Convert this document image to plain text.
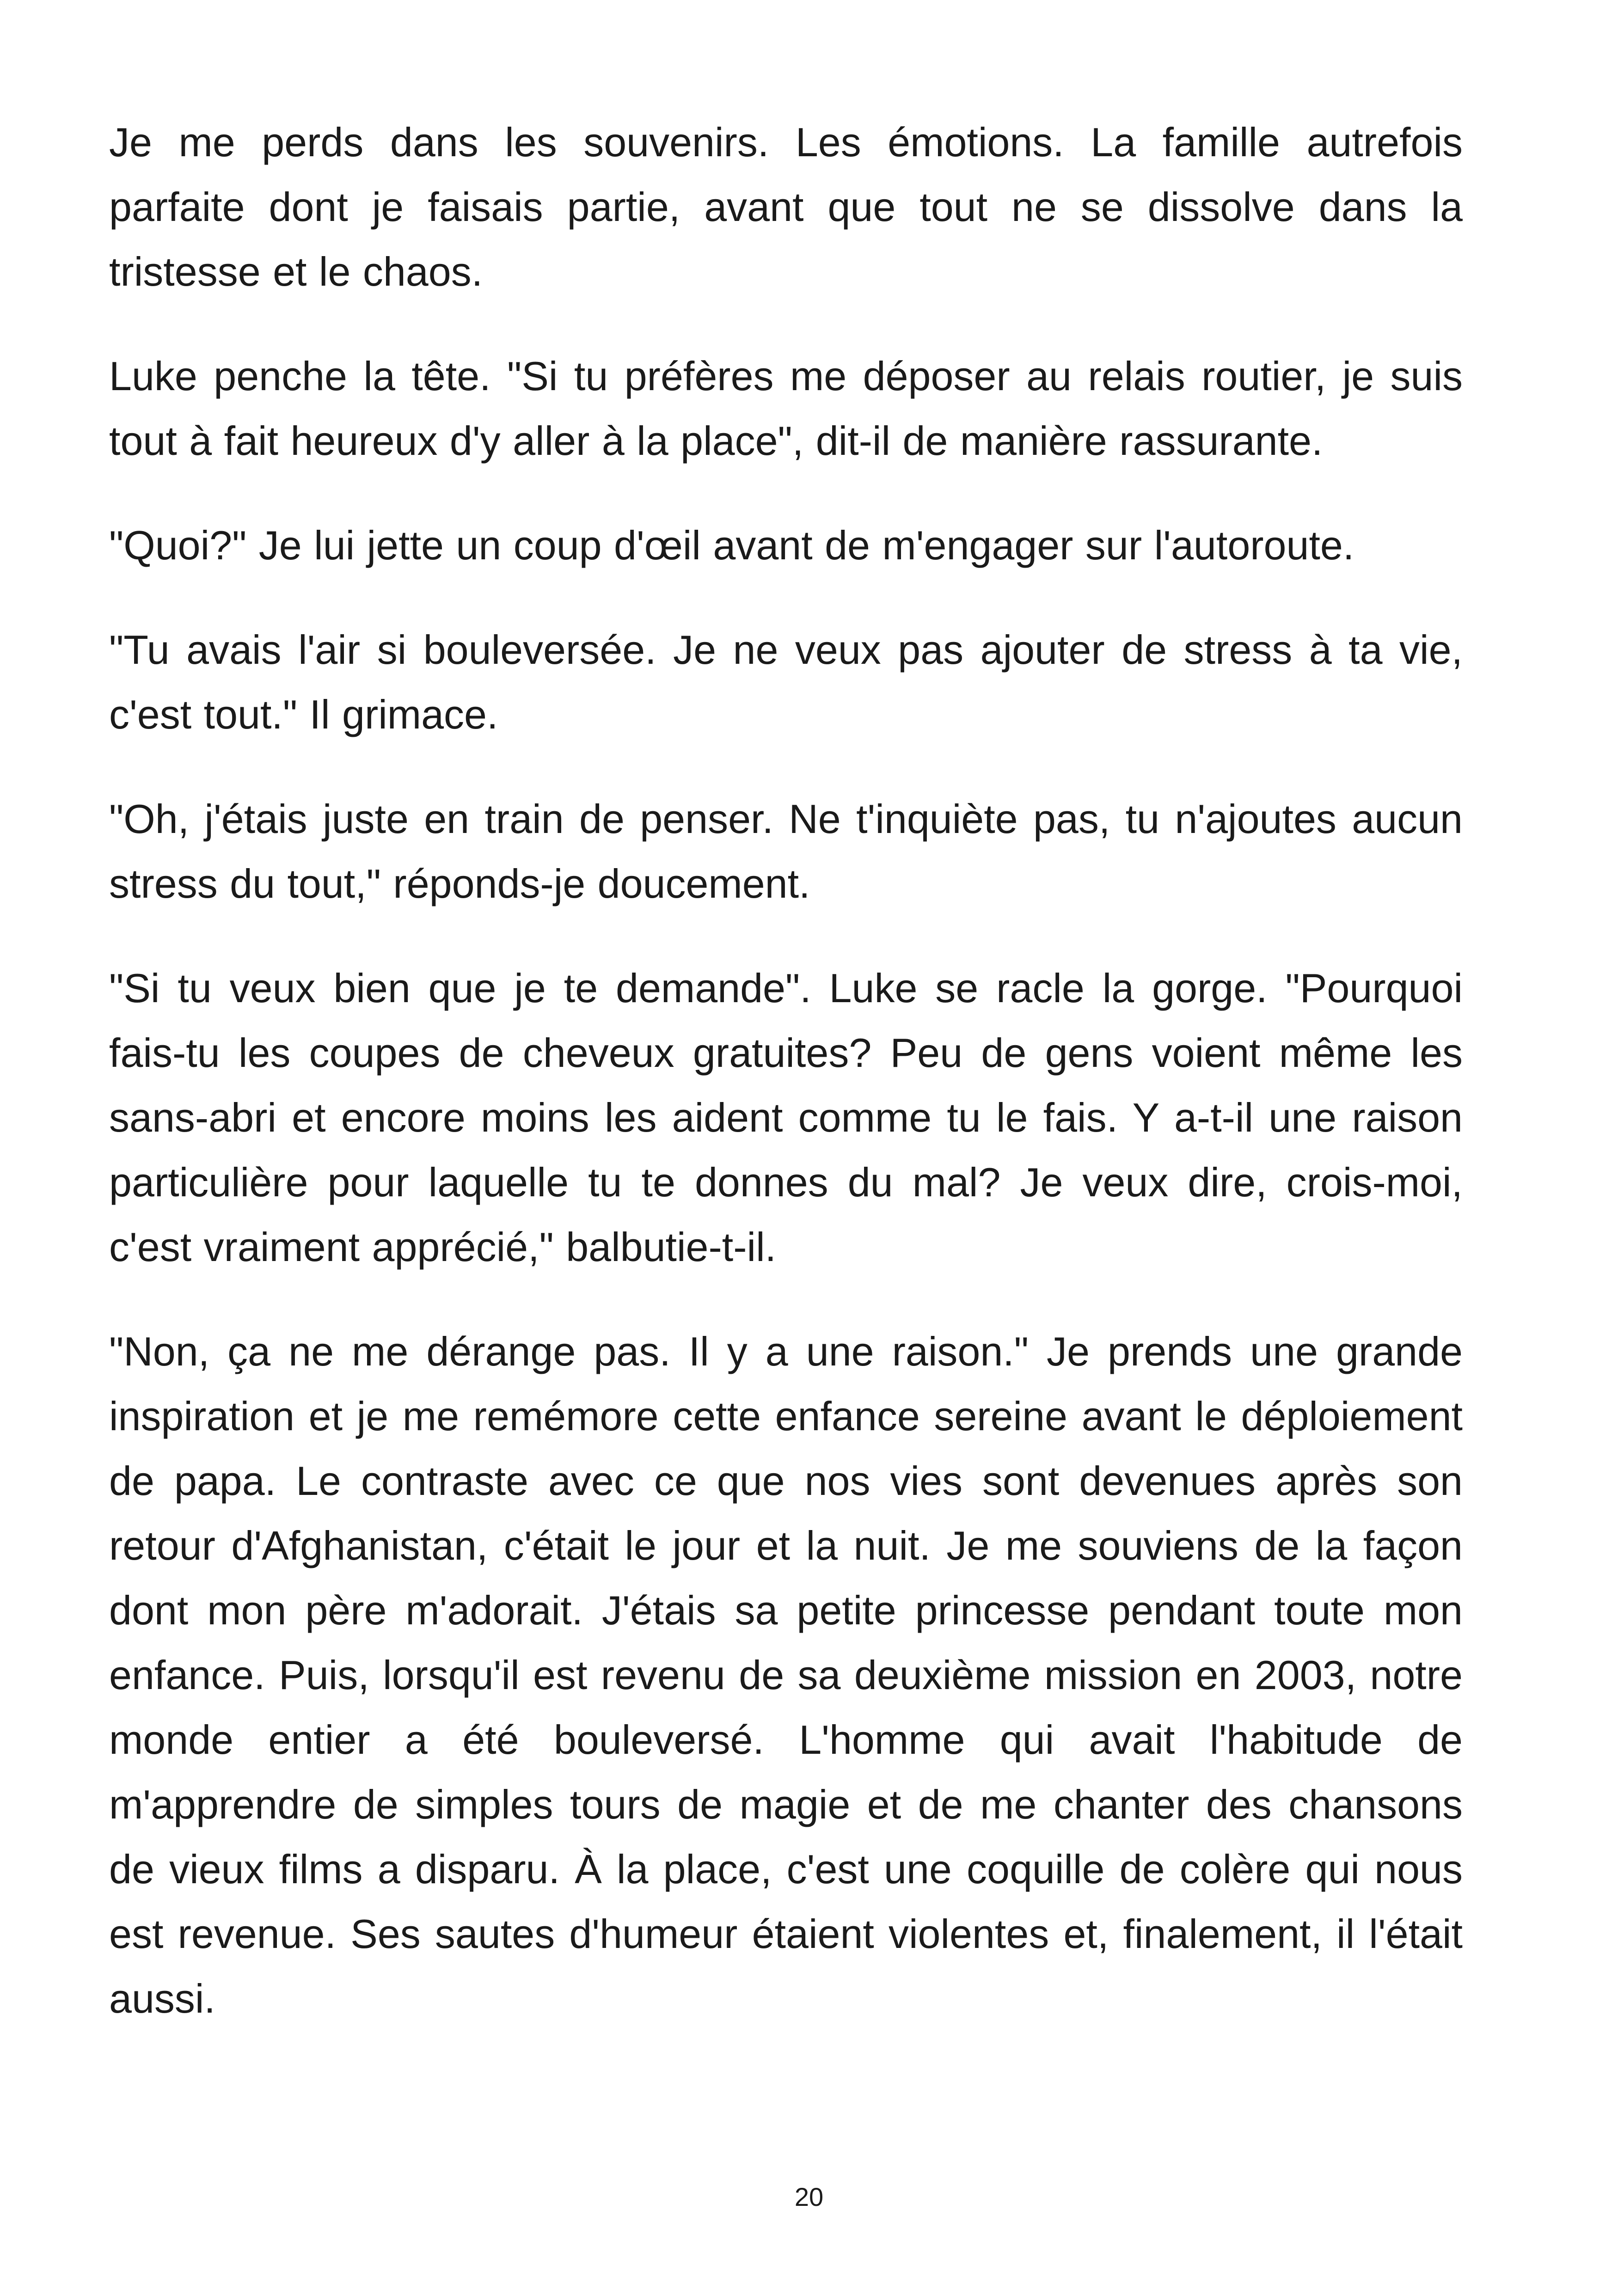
Je me perds dans les souvenirs. Les émotions. La famille autrefois parfaite dont je faisais partie, avant que tout ne se dissolve dans la tristesse et le chaos.

Luke penche la tête. "Si tu préfères me déposer au relais routier, je suis tout à fait heureux d'y aller à la place", dit-il de manière rassurante.

"Quoi?" Je lui jette un coup d'œil avant de m'engager sur l'autoroute.

"Tu avais l'air si bouleversée. Je ne veux pas ajouter de stress à ta vie, c'est tout." Il grimace.

"Oh, j'étais juste en train de penser. Ne t'inquiète pas, tu n'ajoutes aucun stress du tout," réponds-je doucement.

"Si tu veux bien que je te demande". Luke se racle la gorge. "Pourquoi fais-tu les coupes de cheveux gratuites? Peu de gens voient même les sans-abri et encore moins les aident comme tu le fais. Y a-t-il une raison particulière pour laquelle tu te donnes du mal? Je veux dire, crois-moi, c'est vraiment apprécié," balbutie-t-il.

"Non, ça ne me dérange pas. Il y a une raison." Je prends une grande inspiration et je me remémore cette enfance sereine avant le déploiement de papa. Le contraste avec ce que nos vies sont devenues après son retour d'Afghanistan, c'était le jour et la nuit. Je me souviens de la façon dont mon père m'adorait. J'étais sa petite princesse pendant toute mon enfance. Puis, lorsqu'il est revenu de sa deuxième mission en 2003, notre monde entier a été bouleversé. L'homme qui avait l'habitude de m'apprendre de simples tours de magie et de me chanter des chansons de vieux films a disparu. À la place, c'est une coquille de colère qui nous est revenue. Ses sautes d'humeur étaient violentes et, finalement, il l'était aussi.

20
